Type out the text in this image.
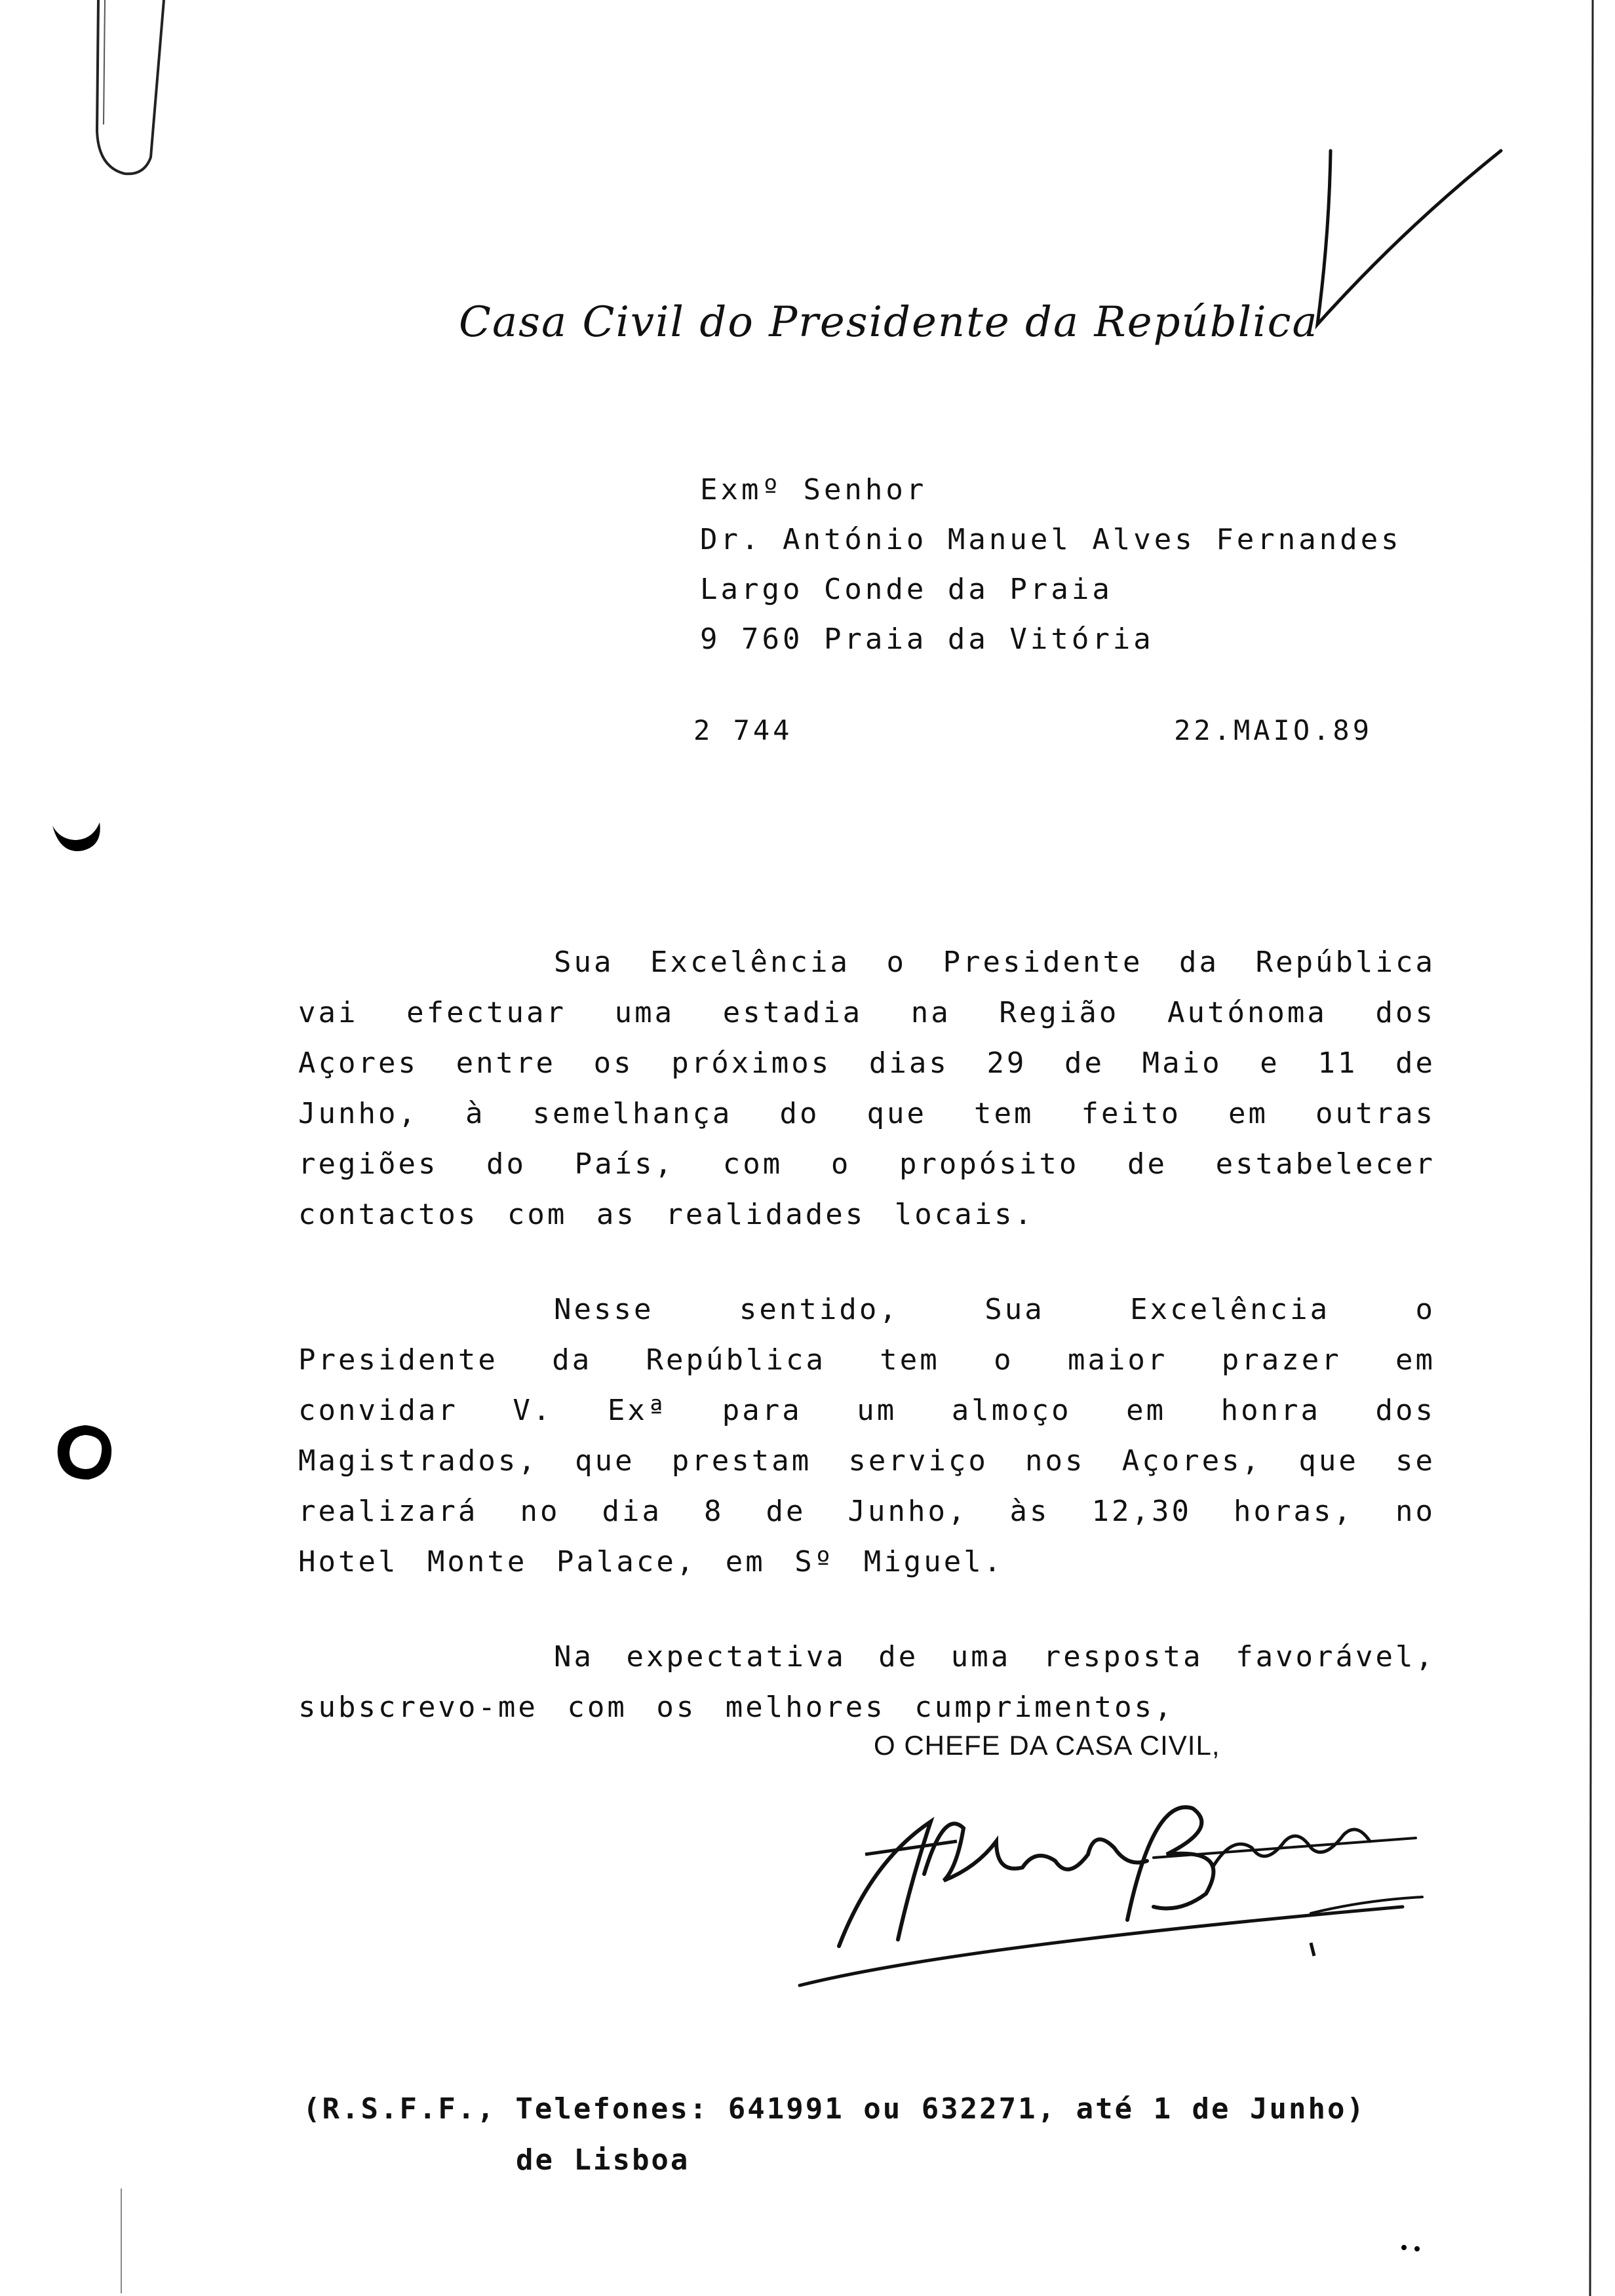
Casa Civil do Presidente da República
Exmº Senhor
Dr. António Manuel Alves Fernandes
Largo Conde da Praia
9 760 Praia da Vitória
2 744	22.MAIO.89

Sua Excelência o Presidente da República vai efectuar uma estadia na Região Autónoma dos Açores entre os próximos dias 29 de Maio e 11 de Junho, à semelhança do que tem feito em outras regiões do País, com o propósito de estabelecer contactos com as realidades locais.

Nesse sentido, Sua Excelência o Presidente da República tem o maior prazer em convidar V. Exª para um almoço em honra dos Magistrados, que prestam serviço nos Açores, que se realizará no dia 8 de Junho, às 12,30 horas, no Hotel Monte Palace, em Sº Miguel.

Na expectativa de uma resposta favorável, subscrevo-me com os melhores cumprimentos,

O CHEFE DA CASA CIVIL,
(R.S.F.F., Telefones: 641991 ou 632271, até 1 de Junho)
de Lisboa
